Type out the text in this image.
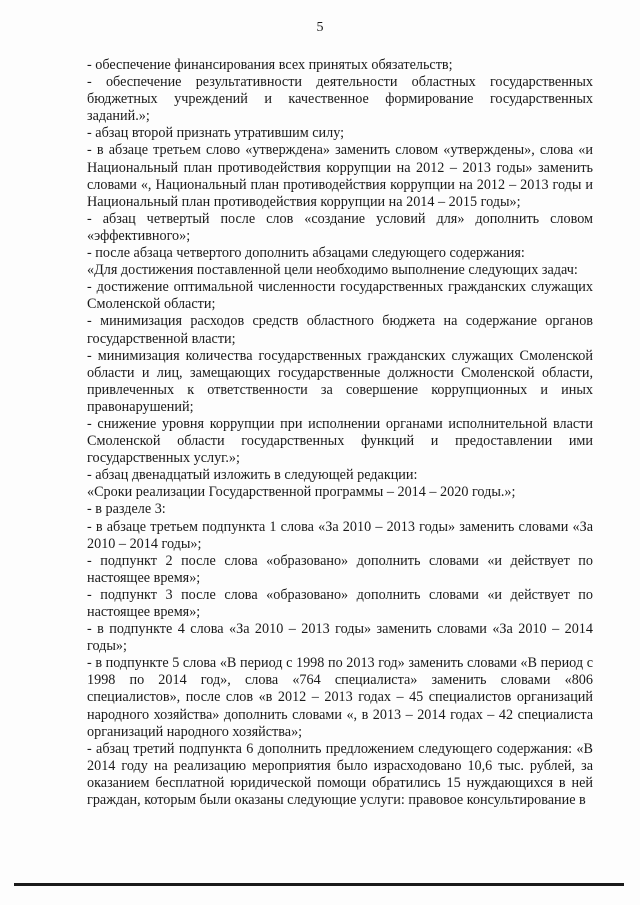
5

- обеспечение финансирования всех принятых обязательств;

- обеспечение результативности деятельности областных государственных бюджетных учреждений и качественное формирование государственных заданий.»;

- абзац второй признать утратившим силу;

- в абзаце третьем слово «утверждена» заменить словом «утверждены», слова «и Национальный план противодействия коррупции на 2012 – 2013 годы» заменить словами «, Национальный план противодействия коррупции на 2012 – 2013 годы и Национальный план противодействия коррупции на 2014 – 2015 годы»;

- абзац четвертый после слов «создание условий для» дополнить словом «эффективного»;

- после абзаца четвертого дополнить абзацами следующего содержания:

«Для достижения поставленной цели необходимо выполнение следующих задач:

- достижение оптимальной численности государственных гражданских служащих Смоленской области;

- минимизация расходов средств областного бюджета на содержание органов государственной власти;

- минимизация количества государственных гражданских служащих Смоленской области и лиц, замещающих государственные должности Смоленской области, привлеченных к ответственности за совершение коррупционных и иных правонарушений;

- снижение уровня коррупции при исполнении органами исполнительной власти Смоленской области государственных функций и предоставлении ими государственных услуг.»;

- абзац двенадцатый изложить в следующей редакции:

«Сроки реализации Государственной программы – 2014 – 2020 годы.»;

- в разделе 3:

- в абзаце третьем подпункта 1 слова «За 2010 – 2013 годы» заменить словами «За 2010 – 2014 годы»;

- подпункт 2 после слова «образовано» дополнить словами «и действует по настоящее время»;

- подпункт 3 после слова «образовано» дополнить словами «и действует по настоящее время»;

- в подпункте 4 слова «За 2010 – 2013 годы» заменить словами «За 2010 – 2014 годы»;

- в подпункте 5 слова «В период с 1998 по 2013 год» заменить словами «В период с 1998 по 2014 год», слова «764 специалиста» заменить словами «806 специалистов», после слов «в 2012 – 2013 годах – 45 специалистов организаций народного хозяйства» дополнить словами «, в 2013 – 2014 годах – 42 специалиста организаций народного хозяйства»;

- абзац третий подпункта 6 дополнить предложением следующего содержания: «В 2014 году на реализацию мероприятия было израсходовано 10,6 тыс. рублей, за оказанием бесплатной юридической помощи обратились 15 нуждающихся в ней граждан, которым были оказаны следующие услуги: правовое консультирование в
